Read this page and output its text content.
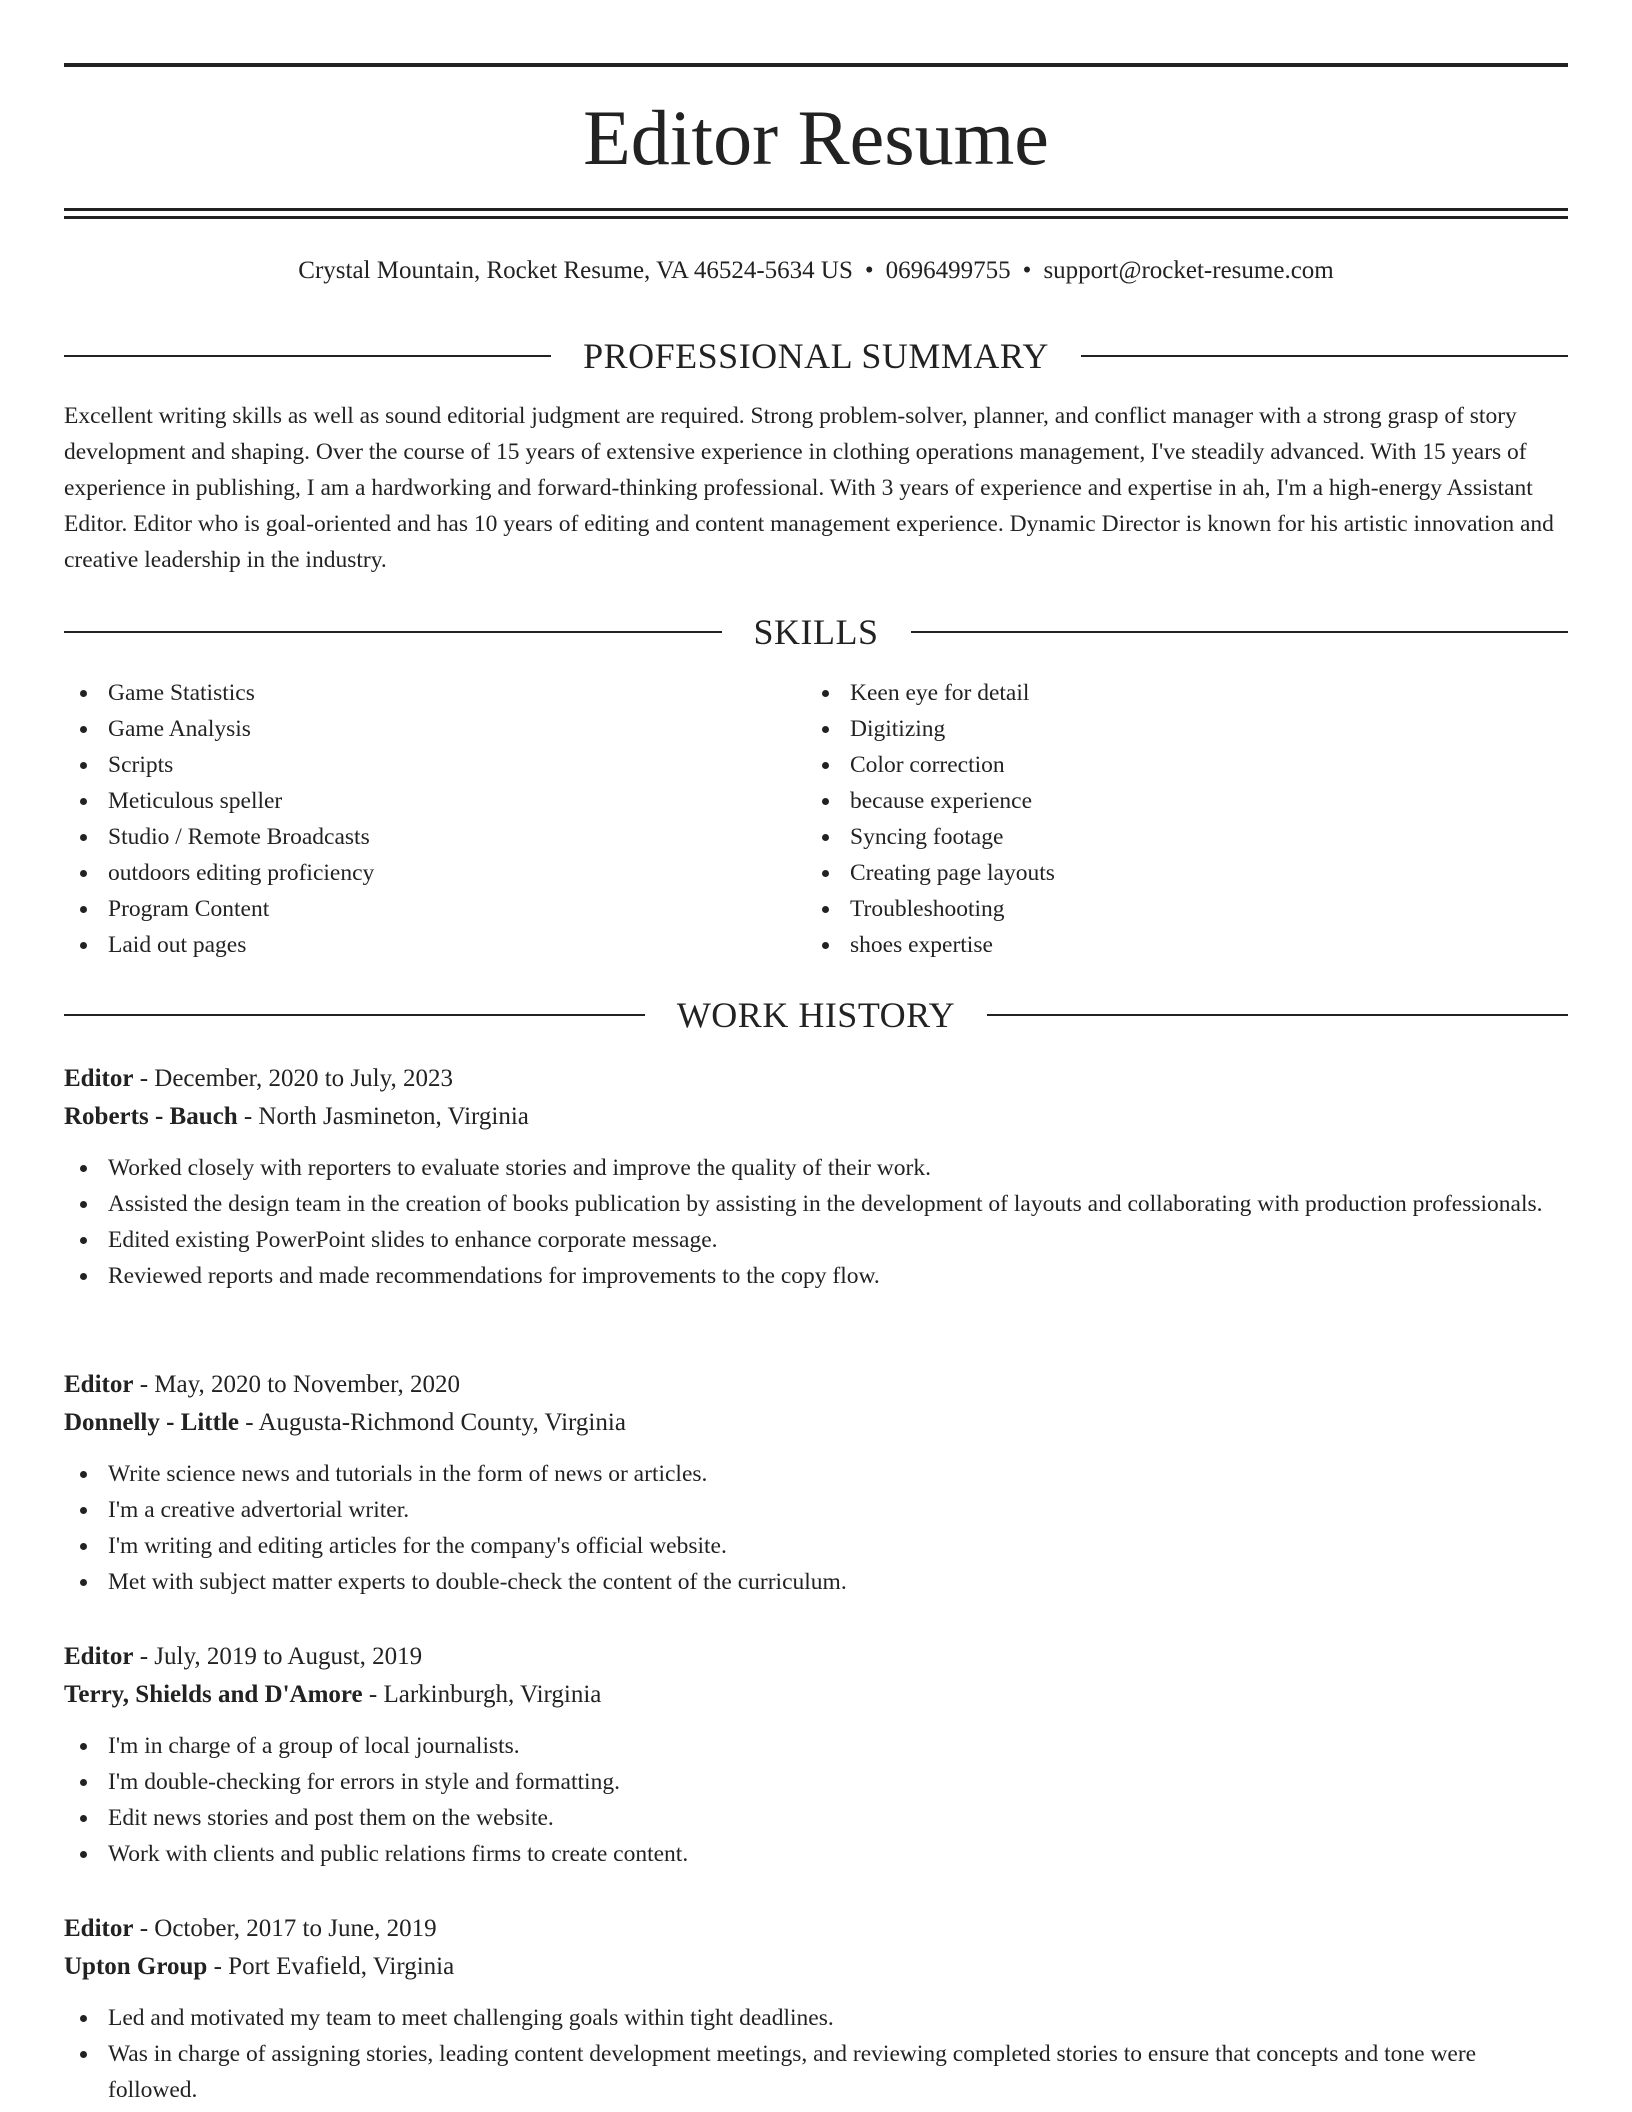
Editor Resume
Crystal Mountain, Rocket Resume, VA 46524-5634 US • 0696499755 • support@rocket-resume.com
PROFESSIONAL SUMMARY

Excellent writing skills as well as sound editorial judgment are required. Strong problem-solver, planner, and conflict manager with a strong grasp of story development and shaping. Over the course of 15 years of extensive experience in clothing operations management, I've steadily advanced. With 15 years of experience in publishing, I am a hardworking and forward-thinking professional. With 3 years of experience and expertise in ah, I'm a high-energy Assistant Editor. Editor who is goal-oriented and has 10 years of editing and content management experience. Dynamic Director is known for his artistic innovation and creative leadership in the industry.

SKILLS
Game Statistics
Game Analysis
Scripts
Meticulous speller
Studio / Remote Broadcasts
outdoors editing proficiency
Program Content
Laid out pages
Keen eye for detail
Digitizing
Color correction
because experience
Syncing footage
Creating page layouts
Troubleshooting
shoes expertise
WORK HISTORY
Editor - December, 2020 to July, 2023
Roberts - Bauch - North Jasmineton, Virginia
Worked closely with reporters to evaluate stories and improve the quality of their work.
Assisted the design team in the creation of books publication by assisting in the development of layouts and collaborating with production professionals.
Edited existing PowerPoint slides to enhance corporate message.
Reviewed reports and made recommendations for improvements to the copy flow.
Editor - May, 2020 to November, 2020
Donnelly - Little - Augusta-Richmond County, Virginia
Write science news and tutorials in the form of news or articles.
I'm a creative advertorial writer.
I'm writing and editing articles for the company's official website.
Met with subject matter experts to double-check the content of the curriculum.
Editor - July, 2019 to August, 2019
Terry, Shields and D'Amore - Larkinburgh, Virginia
I'm in charge of a group of local journalists.
I'm double-checking for errors in style and formatting.
Edit news stories and post them on the website.
Work with clients and public relations firms to create content.
Editor - October, 2017 to June, 2019
Upton Group - Port Evafield, Virginia
Led and motivated my team to meet challenging goals within tight deadlines.
Was in charge of assigning stories, leading content development meetings, and reviewing completed stories to ensure that concepts and tone were followed.
